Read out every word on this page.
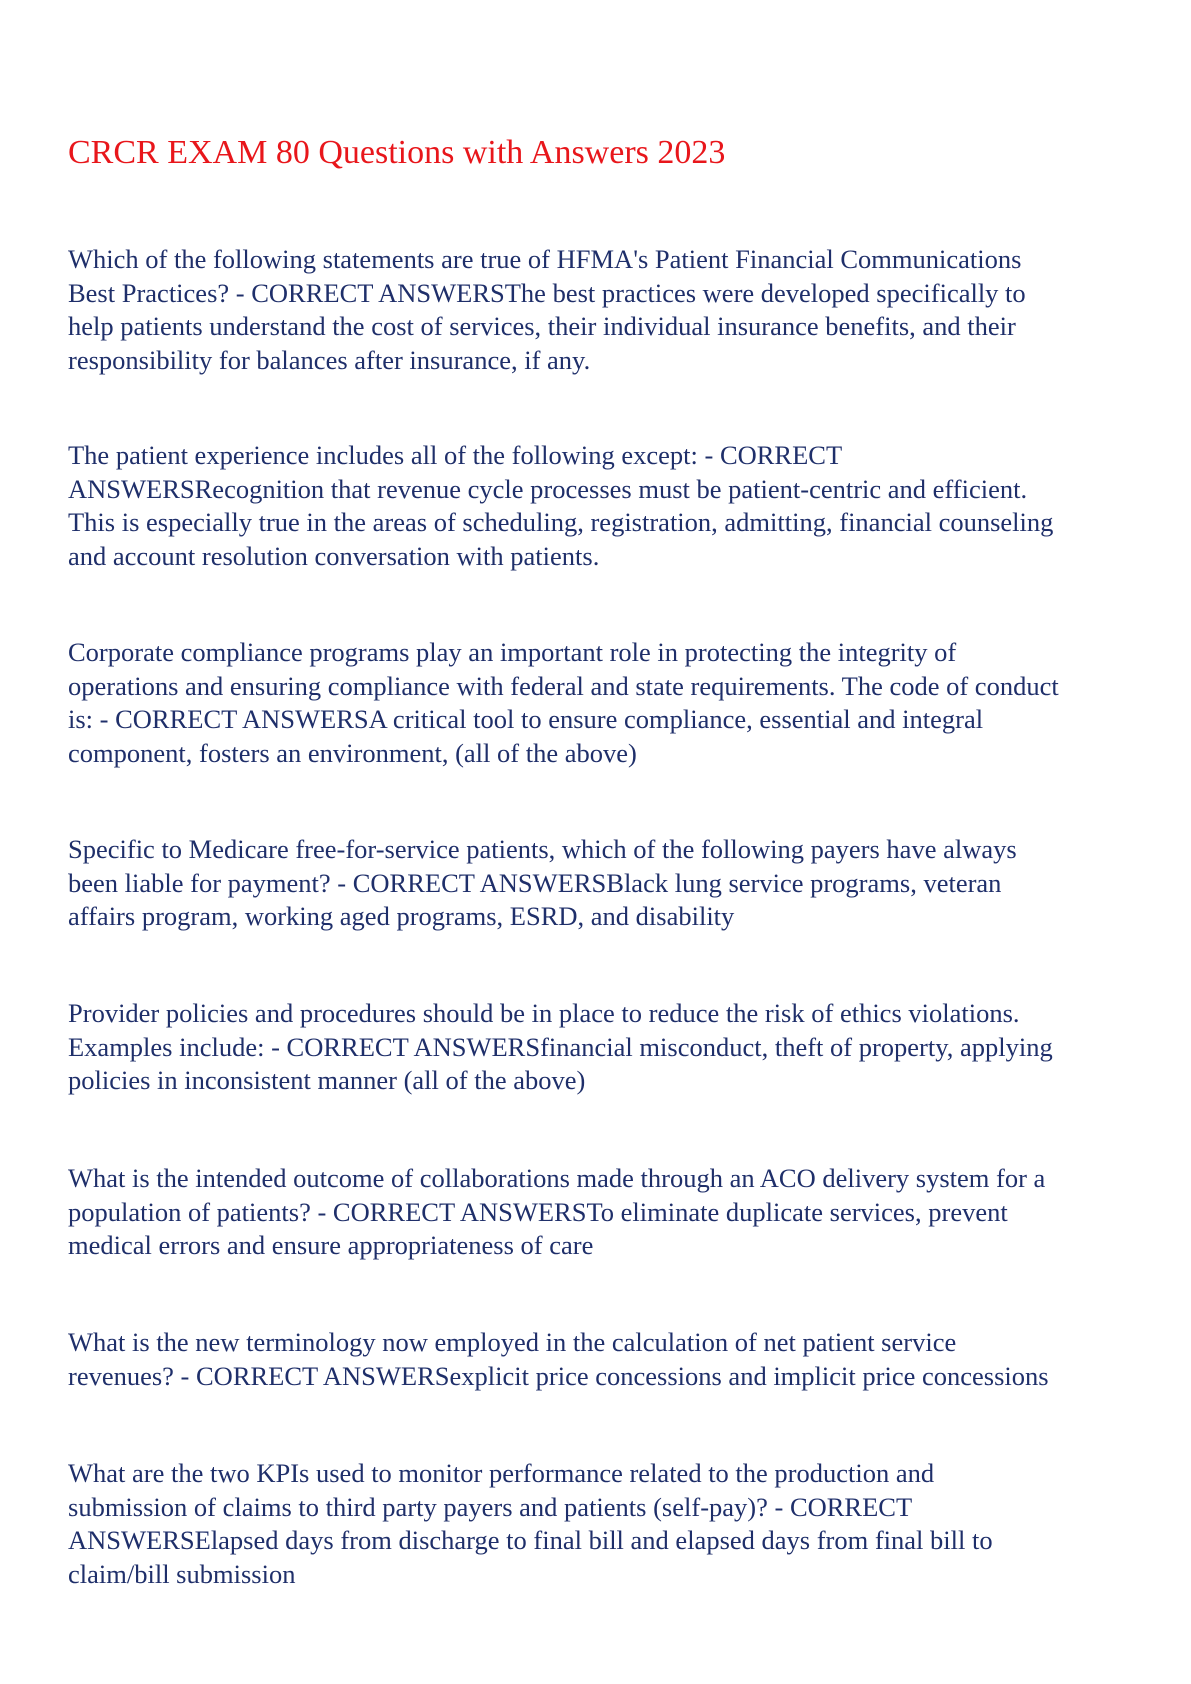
CRCR EXAM 80 Questions with Answers 2023

Which of the following statements are true of HFMA's Patient Financial Communications
Best Practices? - CORRECT ANSWERSThe best practices were developed specifically to
help patients understand the cost of services, their individual insurance benefits, and their
responsibility for balances after insurance, if any.

The patient experience includes all of the following except: - CORRECT
ANSWERSRecognition that revenue cycle processes must be patient-centric and efficient.
This is especially true in the areas of scheduling, registration, admitting, financial counseling
and account resolution conversation with patients.

Corporate compliance programs play an important role in protecting the integrity of
operations and ensuring compliance with federal and state requirements. The code of conduct
is: - CORRECT ANSWERSA critical tool to ensure compliance, essential and integral
component, fosters an environment, (all of the above)

Specific to Medicare free-for-service patients, which of the following payers have always
been liable for payment? - CORRECT ANSWERSBlack lung service programs, veteran
affairs program, working aged programs, ESRD, and disability

Provider policies and procedures should be in place to reduce the risk of ethics violations.
Examples include: - CORRECT ANSWERSfinancial misconduct, theft of property, applying
policies in inconsistent manner (all of the above)

What is the intended outcome of collaborations made through an ACO delivery system for a
population of patients? - CORRECT ANSWERSTo eliminate duplicate services, prevent
medical errors and ensure appropriateness of care

What is the new terminology now employed in the calculation of net patient service
revenues? - CORRECT ANSWERSexplicit price concessions and implicit price concessions

What are the two KPIs used to monitor performance related to the production and
submission of claims to third party payers and patients (self-pay)? - CORRECT
ANSWERSElapsed days from discharge to final bill and elapsed days from final bill to
claim/bill submission
